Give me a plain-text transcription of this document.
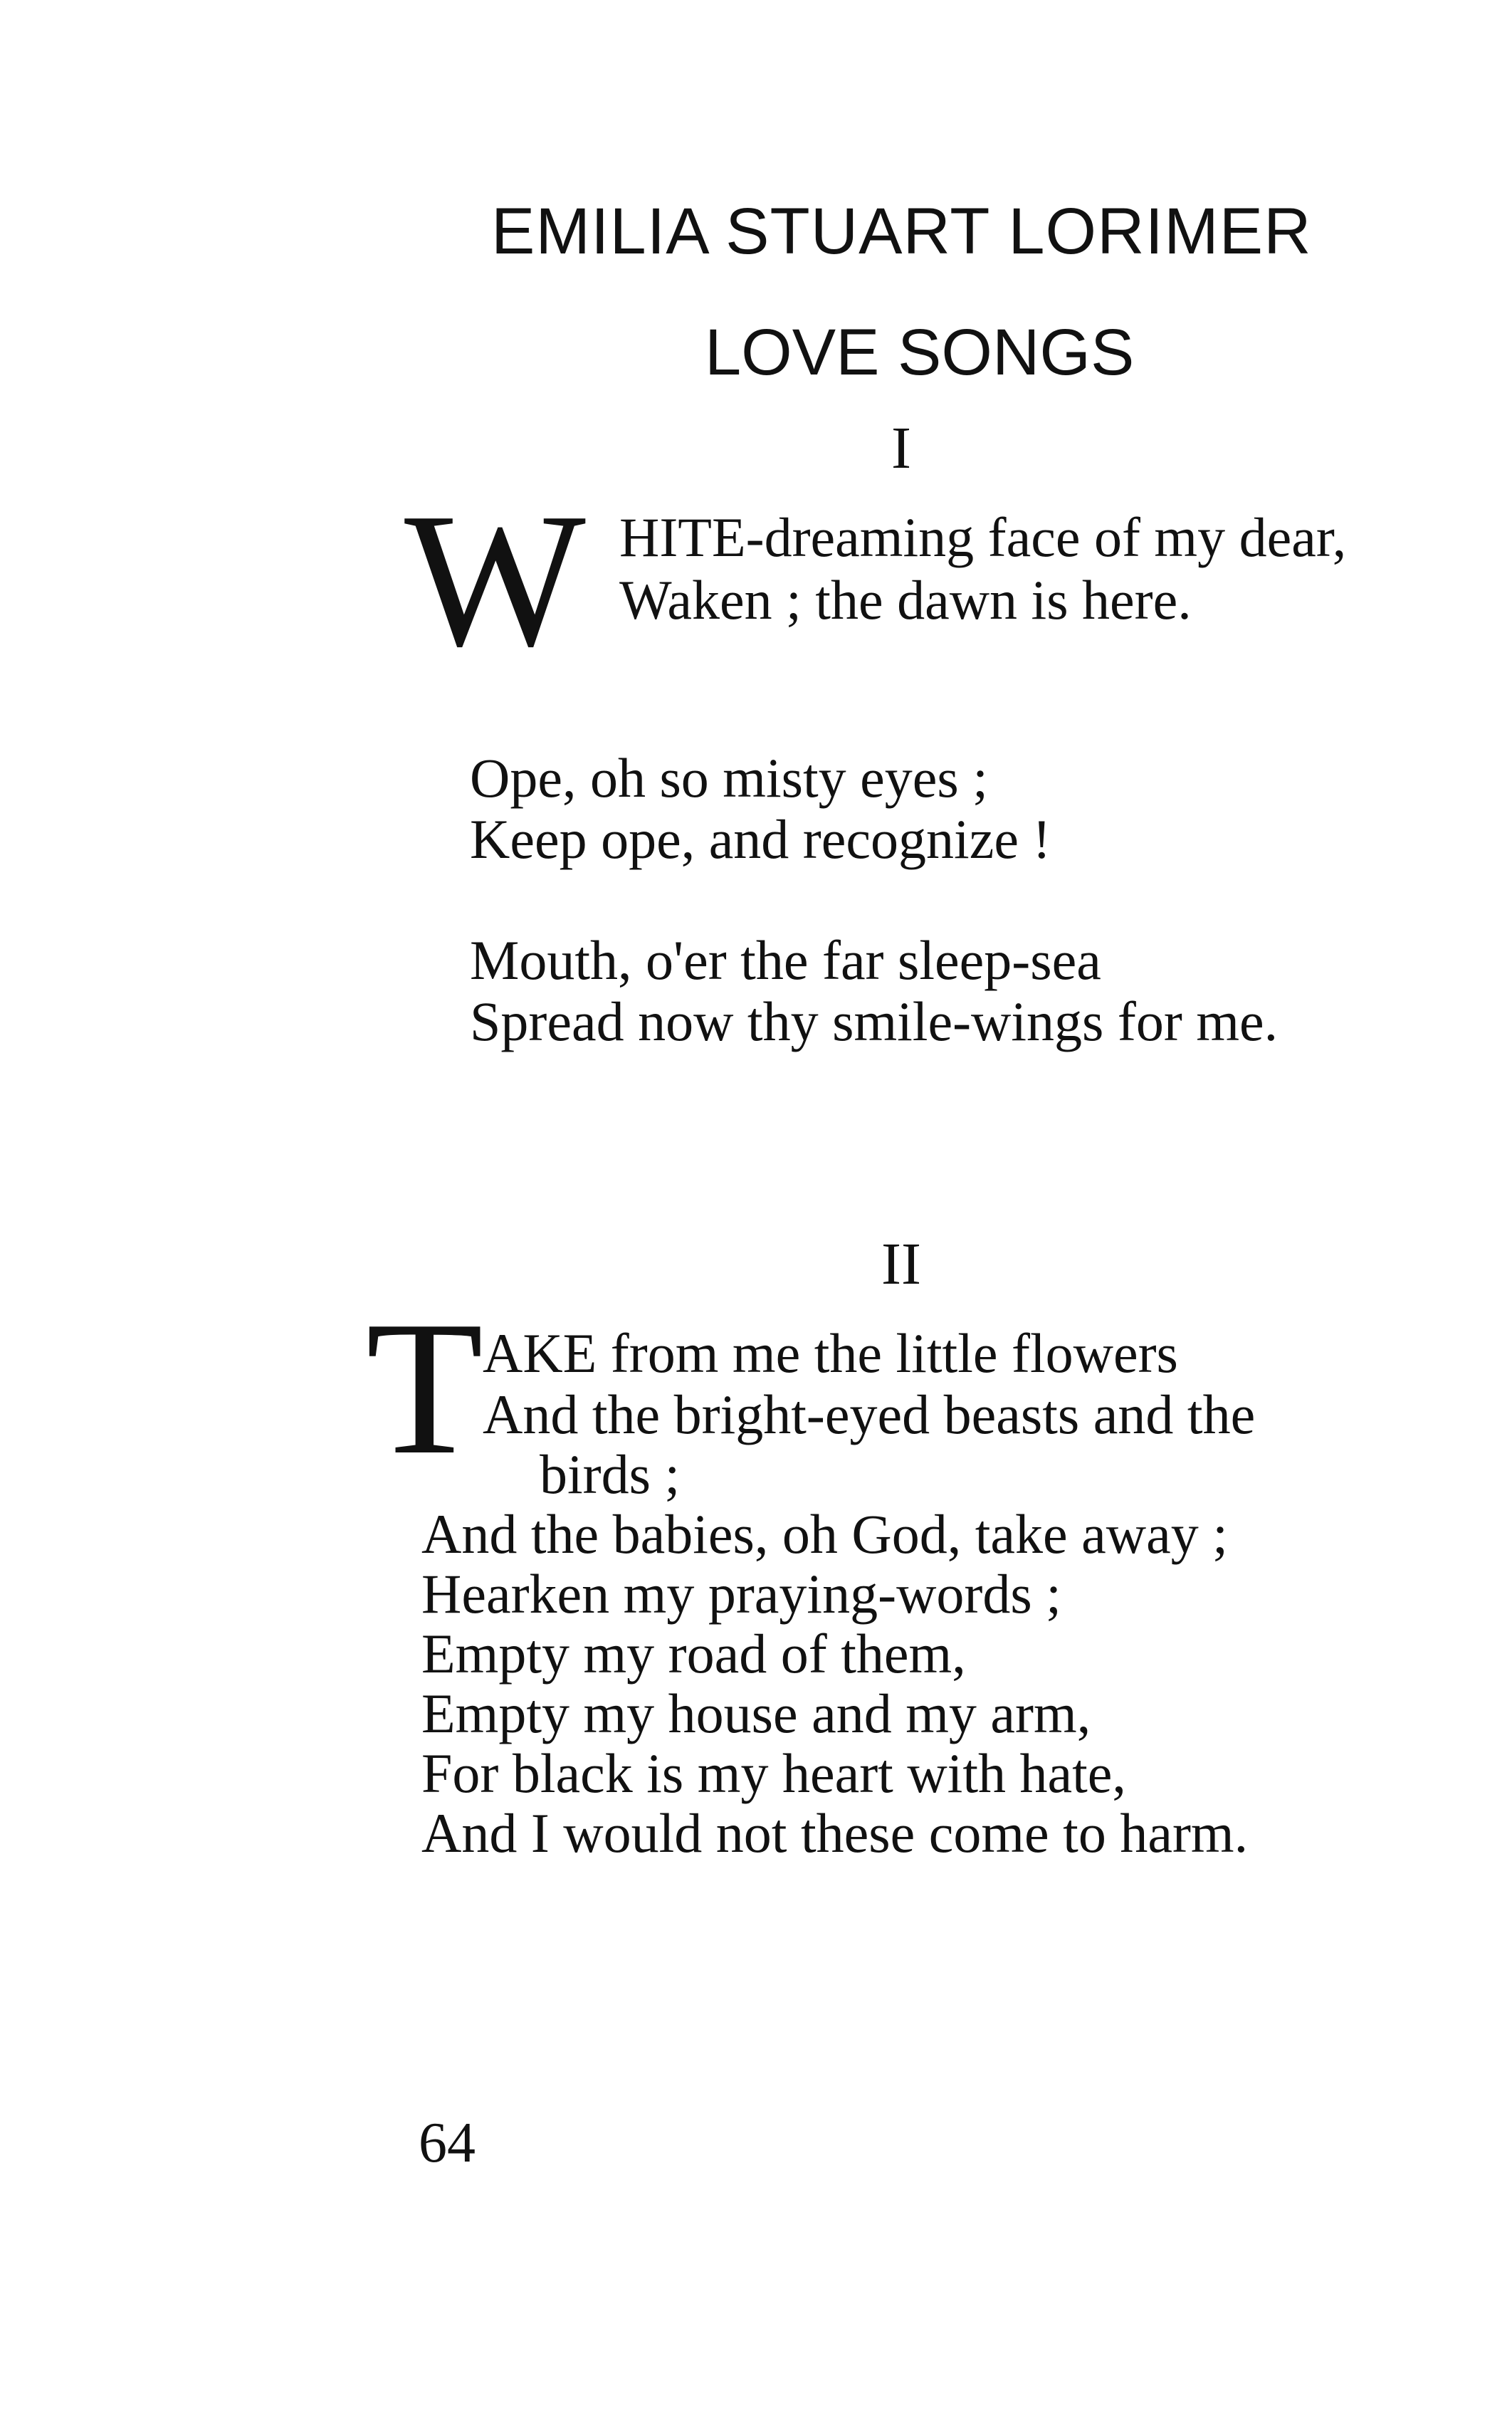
EMILIA STUART LORIMER
LOVE SONGS
I
W HITE-dreaming face of my dear,
Waken ; the dawn is here.
Ope, oh so misty eyes ;
Keep ope, and recognize !
Mouth, o'er the far sleep-sea
Spread now thy smile-wings for me.
II
T AKE from me the little flowers
And the bright-eyed beasts and the
birds ;
And the babies, oh God, take away ;
Hearken my praying-words ;
Empty my road of them,
Empty my house and my arm,
For black is my heart with hate,
And I would not these come to harm.
64
